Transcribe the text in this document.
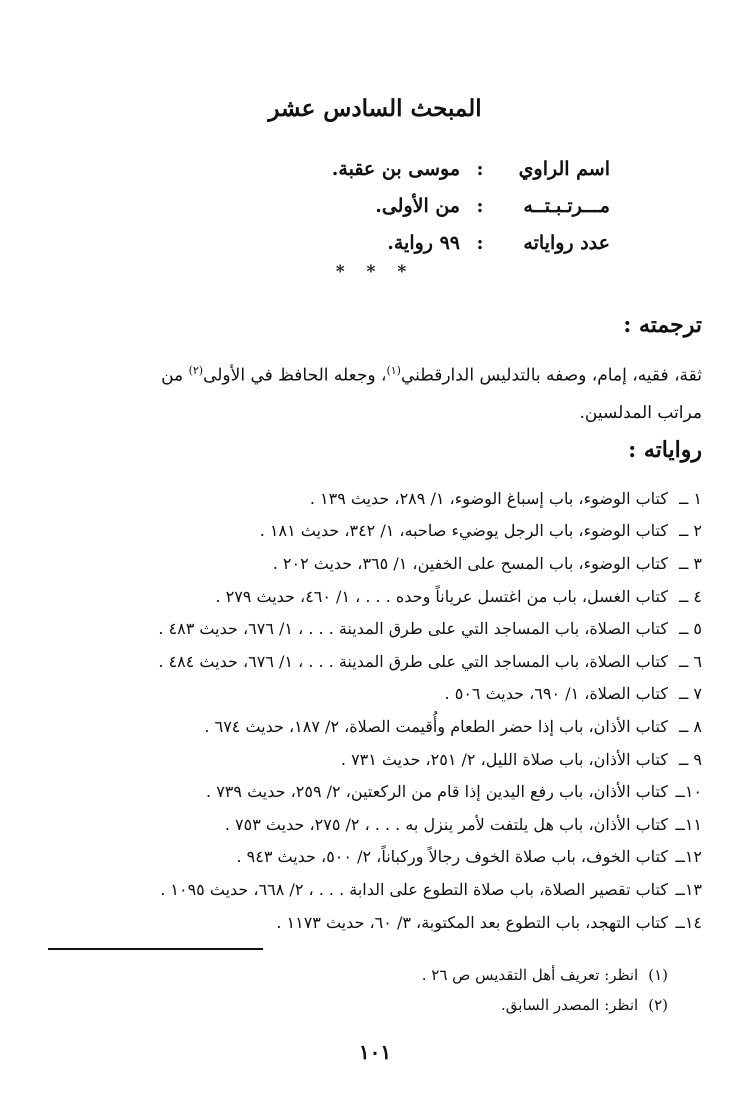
المبحث السادس عشر
اسم الراوي
:
موسى بن عقبة.
مـــرتـبـتــه
:
من الأولى.
عدد رواياته
:
٩٩ رواية.
* * *
ترجمته :
ثقة، فقيه، إمام، وصفه بالتدليس الدارقطني$^{(١)}$، وجعله الحافظ في الأولى$^{(٢)}$ من
مراتب المدلسين.
رواياته :
١ ــ
كتاب الوضوء، باب إسباغ الوضوء، ١/ ٢٨٩، حديث ١٣٩ .
٢ ــ
كتاب الوضوء، باب الرجل يوضيء صاحبه، ١/ ٣٤٢، حديث ١٨١ .
٣ ــ
كتاب الوضوء، باب المسح على الخفين، ١/ ٣٦٥، حديث ٢٠٢ .
٤ ــ
كتاب الغسل، باب من اغتسل عرياناً وحده . . . ، ١/ ٤٦٠، حديث ٢٧٩ .
٥ ــ
كتاب الصلاة، باب المساجد التي على طرق المدينة . . . ، ١/ ٦٧٦، حديث ٤٨٣ .
٦ ــ
كتاب الصلاة، باب المساجد التي على طرق المدينة . . . ، ١/ ٦٧٦، حديث ٤٨٤ .
٧ ــ
كتاب الصلاة، ١/ ٦٩٠، حديث ٥٠٦ .
٨ ــ
كتاب الأذان، باب إذا حضر الطعام وأُقيمت الصلاة، ٢/ ١٨٧، حديث ٦٧٤ .
٩ ــ
كتاب الأذان، باب صلاة الليل، ٢/ ٢٥١، حديث ٧٣١ .
١٠ــ
كتاب الأذان، باب رفع اليدين إذا قام من الركعتين، ٢/ ٢٥٩، حديث ٧٣٩ .
١١ــ
كتاب الأذان، باب هل يلتفت لأمر ينزل به . . . ، ٢/ ٢٧٥، حديث ٧٥٣ .
١٢ــ
كتاب الخوف، باب صلاة الخوف رجالاً وركباناً، ٢/ ٥٠٠، حديث ٩٤٣ .
١٣ــ
كتاب تقصير الصلاة، باب صلاة التطوع على الدابة . . . ، ٢/ ٦٦٨، حديث ١٠٩٥ .
١٤ــ
كتاب التهجد، باب التطوع بعد المكتوبة، ٣/ ٦٠، حديث ١١٧٣ .
(١)
انظر: تعريف أهل التقديس ص ٢٦ .
(٢)
انظر: المصدر السابق.
١٠١
